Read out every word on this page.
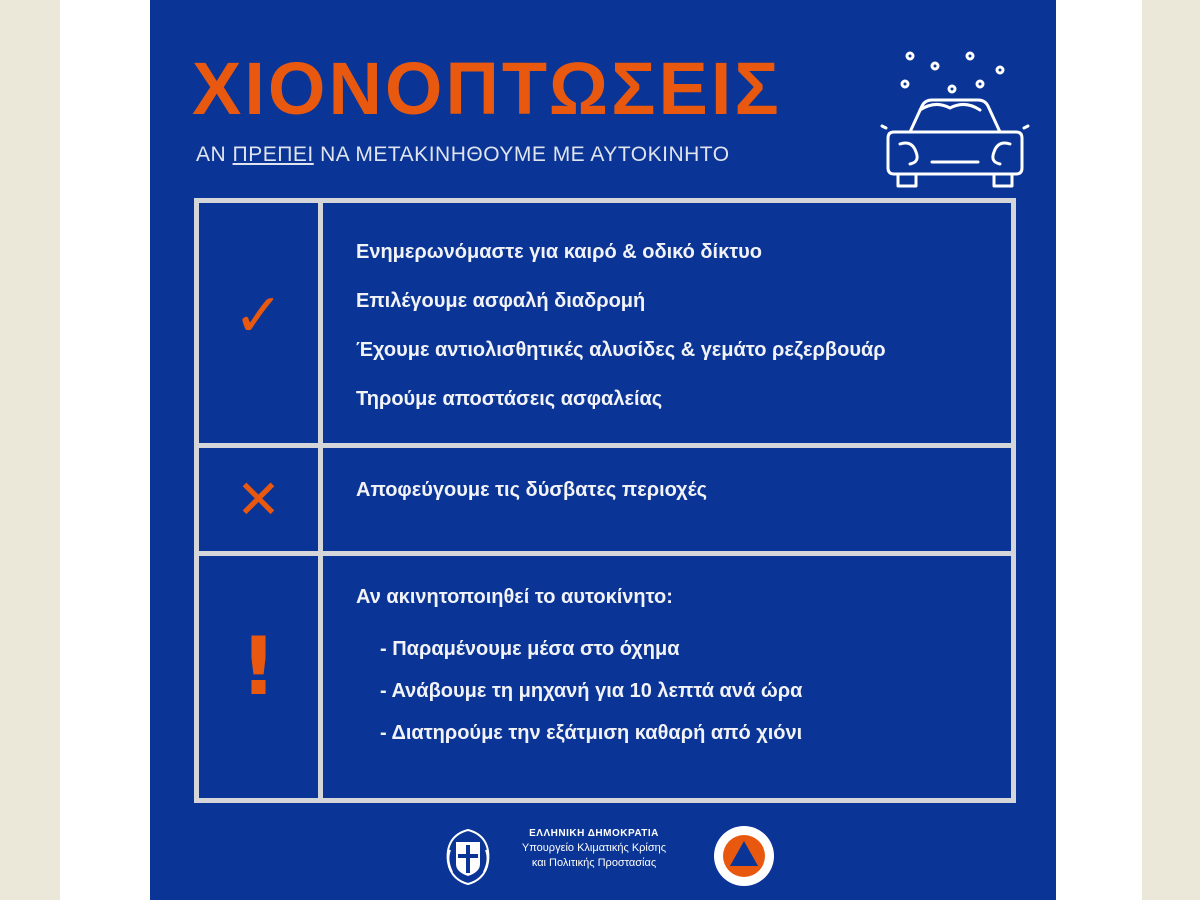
ΧΙΟΝΟΠΤΩΣΕΙΣ
ΑΝ ΠΡΕΠΕΙ ΝΑ ΜΕΤΑΚΙΝΗΘΟΥΜΕ ΜΕ ΑΥΤΟΚΙΝΗΤΟ
✓
Ενημερωνόμαστε για καιρό & οδικό δίκτυο
Επιλέγουμε ασφαλή διαδρομή
Έχουμε αντιολισθητικές αλυσίδες & γεμάτο ρεζερβουάρ
Τηρούμε αποστάσεις ασφαλείας
✕	Αποφεύγουμε τις δύσβατες περιοχές
!
Αν ακινητοποιηθεί το αυτοκίνητο:
- Παραμένουμε μέσα στο όχημα
- Ανάβουμε τη μηχανή για 10 λεπτά ανά ώρα
- Διατηρούμε την εξάτμιση καθαρή από χιόνι
ΕΛΛΗΝΙΚΗ ΔΗΜΟΚΡΑΤΙΑ
Υπουργείο Κλιματικής Κρίσης
και Πολιτικής Προστασίας
